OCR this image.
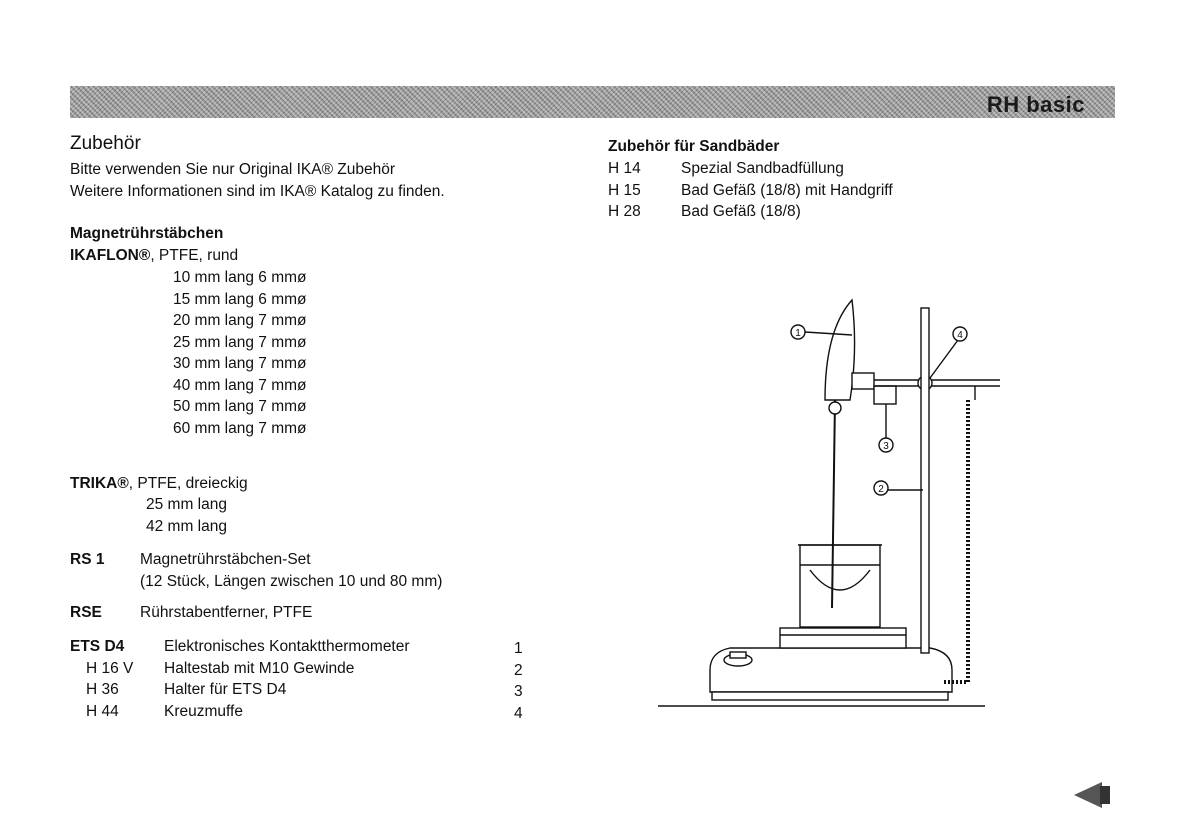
RH basic
Zubehör
Bitte verwenden Sie nur Original IKA® Zubehör
Weitere Informationen sind im IKA® Katalog zu finden.
Magnetrührstäbchen
IKAFLON®, PTFE, rund
10 mm lang 6 mmø
15 mm lang 6 mmø
20 mm lang 7 mmø
25 mm lang 7 mmø
30 mm lang 7 mmø
40 mm lang 7 mmø
50 mm lang 7 mmø
60 mm lang 7 mmø
TRIKA®, PTFE, dreieckig
25 mm lang
42 mm lang
RS 1 Magnetrührstäbchen-Set
(12 Stück, Längen zwischen 10 und 80 mm)
RSE Rührstabentferner, PTFE
ETS D4	Elektronisches Kontaktthermometer	1
H 16 V Haltestab mit M10 Gewinde	2
H 36	Halter für ETS D4	3
H 44	Kreuzmuffe	4
Zubehör für Sandbäder
H 14	Spezial Sandbadfüllung
H 15	Bad Gefäß (18/8) mit Handgriff
H 28	Bad Gefäß (18/8)
1
2
3
4
